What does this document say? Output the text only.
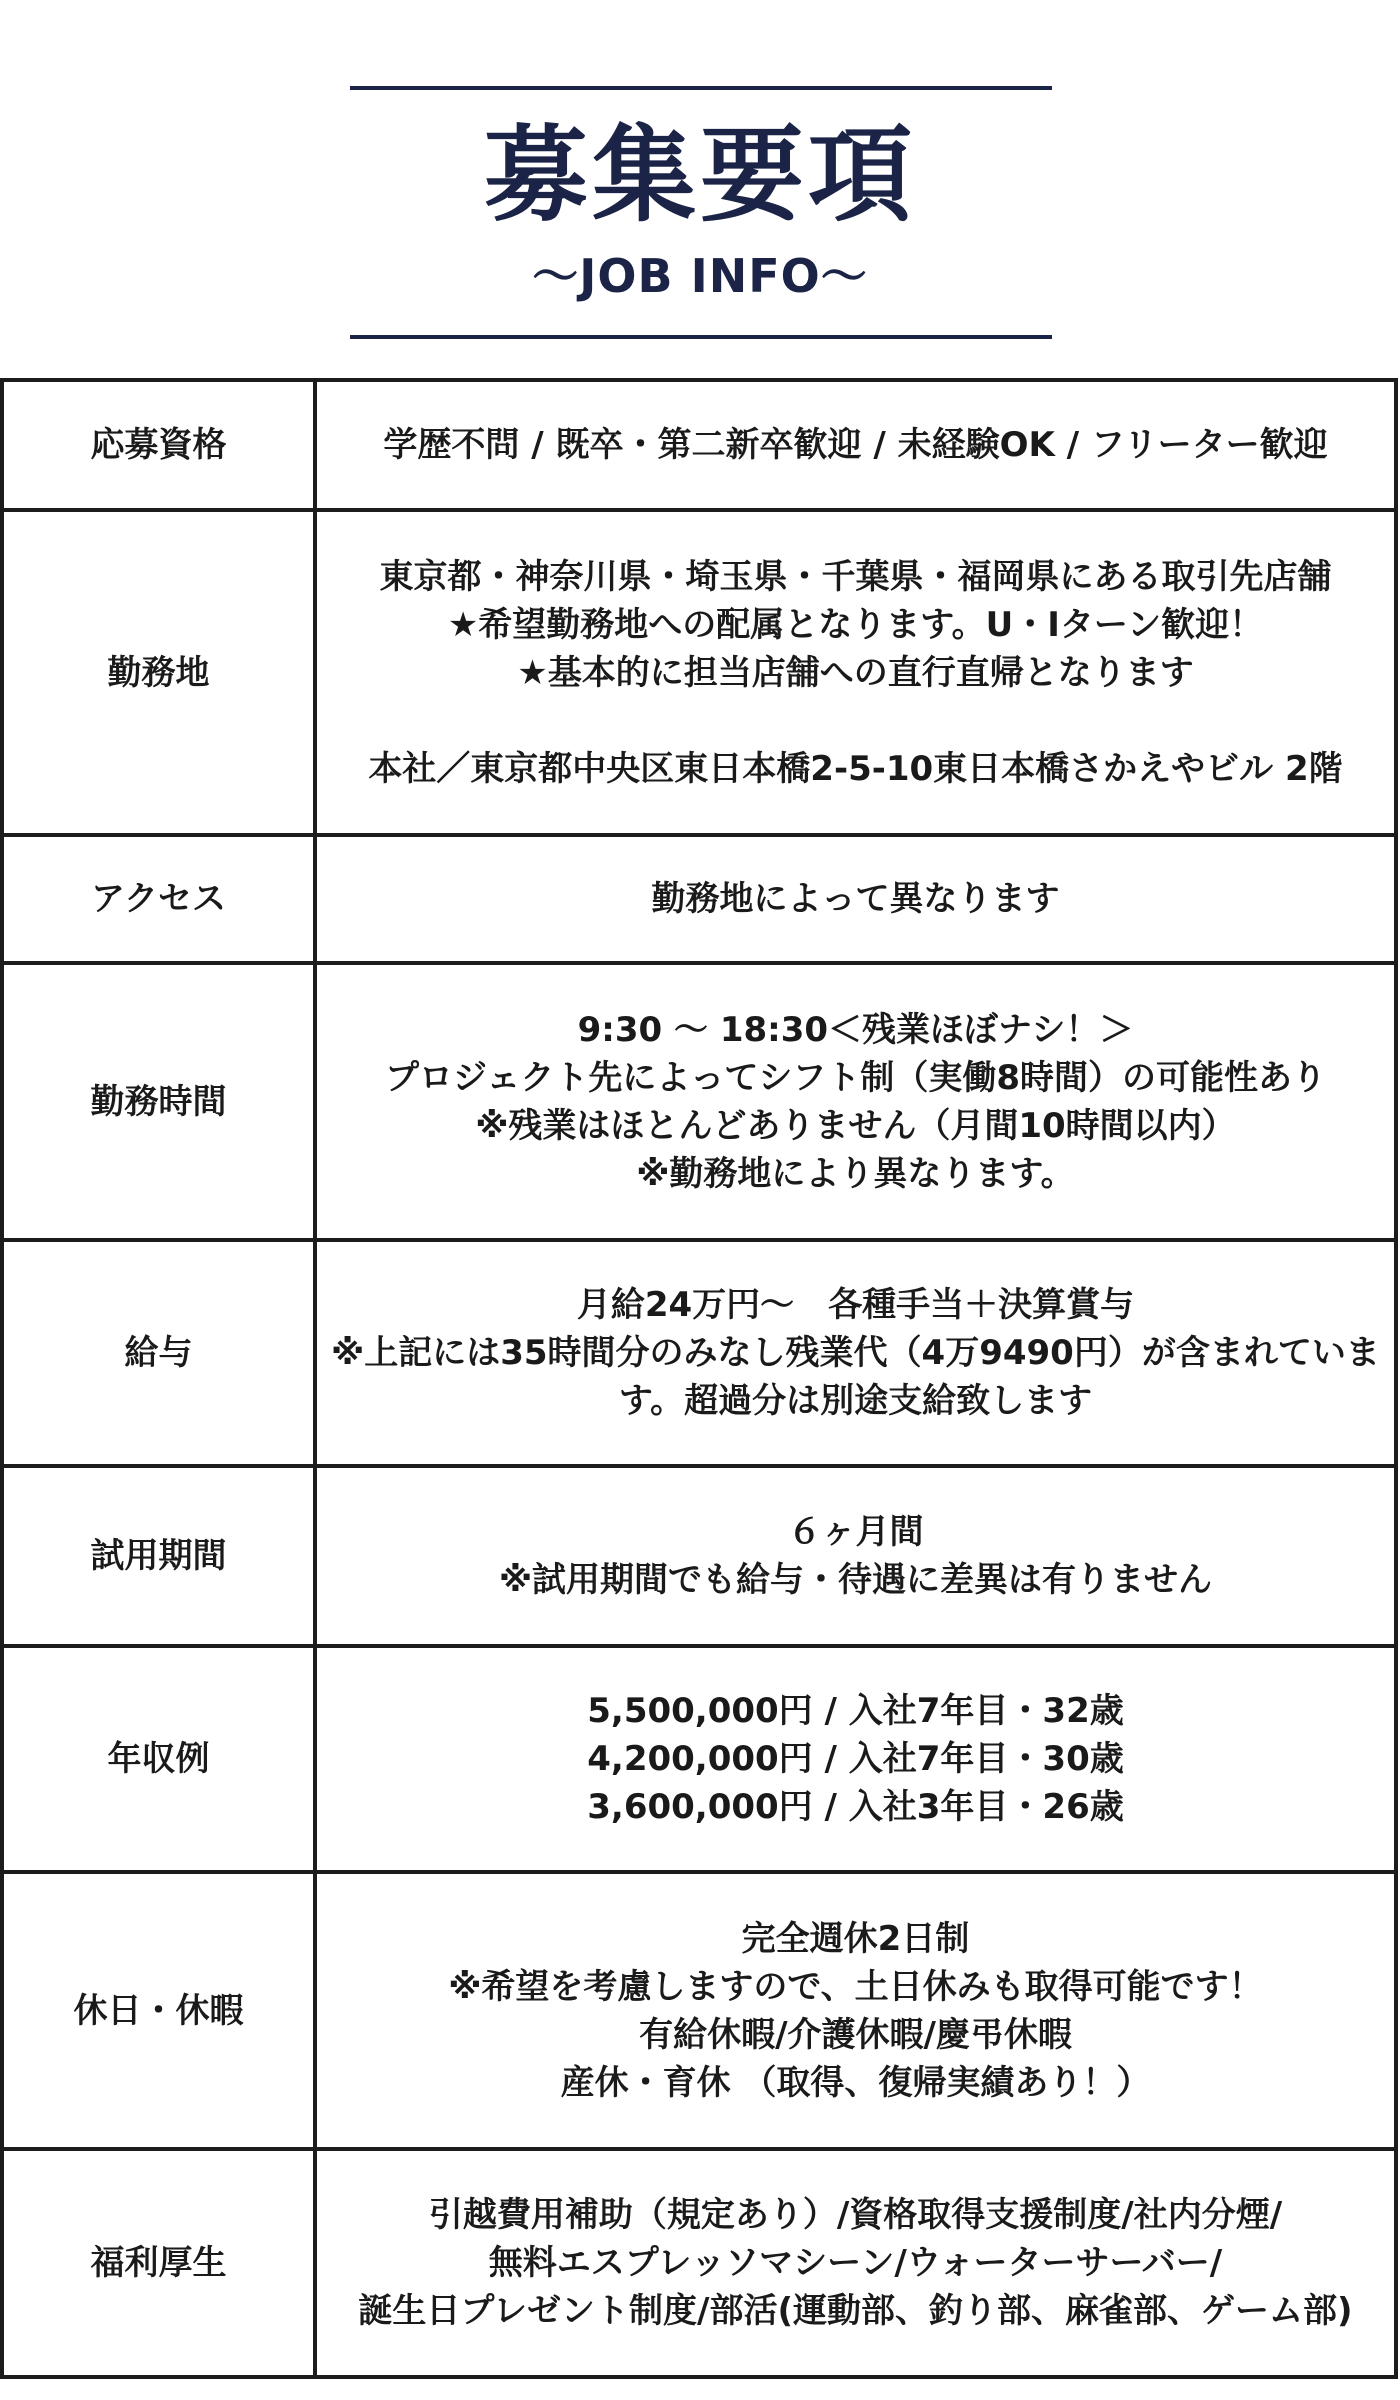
募集要項
～JOB INFO～
応募資格	学歴不問 / 既卒・第二新卒歓迎 / 未経験OK / フリーター歓迎

勤務地	東京都・神奈川県・埼玉県・千葉県・福岡県にある取引先店舗
★希望勤務地への配属となります。U・Iターン歓迎！
★基本的に担当店舗への直行直帰となります
本社／東京都中央区東日本橋2-5-10東日本橋さかえやビル 2階

アクセス	勤務地によって異なります

勤務時間	9:30 ～ 18:30＜残業ほぼナシ！＞
プロジェクト先によってシフト制（実働8時間）の可能性あり
※残業はほとんどありません（月間10時間以内）
※勤務地により異なります。

給与	月給24万円～　各種手当＋決算賞与
※上記には35時間分のみなし残業代（4万9490円）が含まれています。超過分は別途支給致します

試用期間	６ヶ月間
※試用期間でも給与・待遇に差異は有りません

年収例	5,500,000円 / 入社7年目・32歳
4,200,000円 / 入社7年目・30歳
3,600,000円 / 入社3年目・26歳

休日・休暇	完全週休2日制
※希望を考慮しますので、土日休みも取得可能です！
有給休暇/介護休暇/慶弔休暇
産休・育休 （取得、復帰実績あり！）

福利厚生	引越費用補助（規定あり）/資格取得支援制度/社内分煙/
無料エスプレッソマシーン/ウォーターサーバー/
誕生日プレゼント制度/部活(運動部、釣り部、麻雀部、ゲーム部)
